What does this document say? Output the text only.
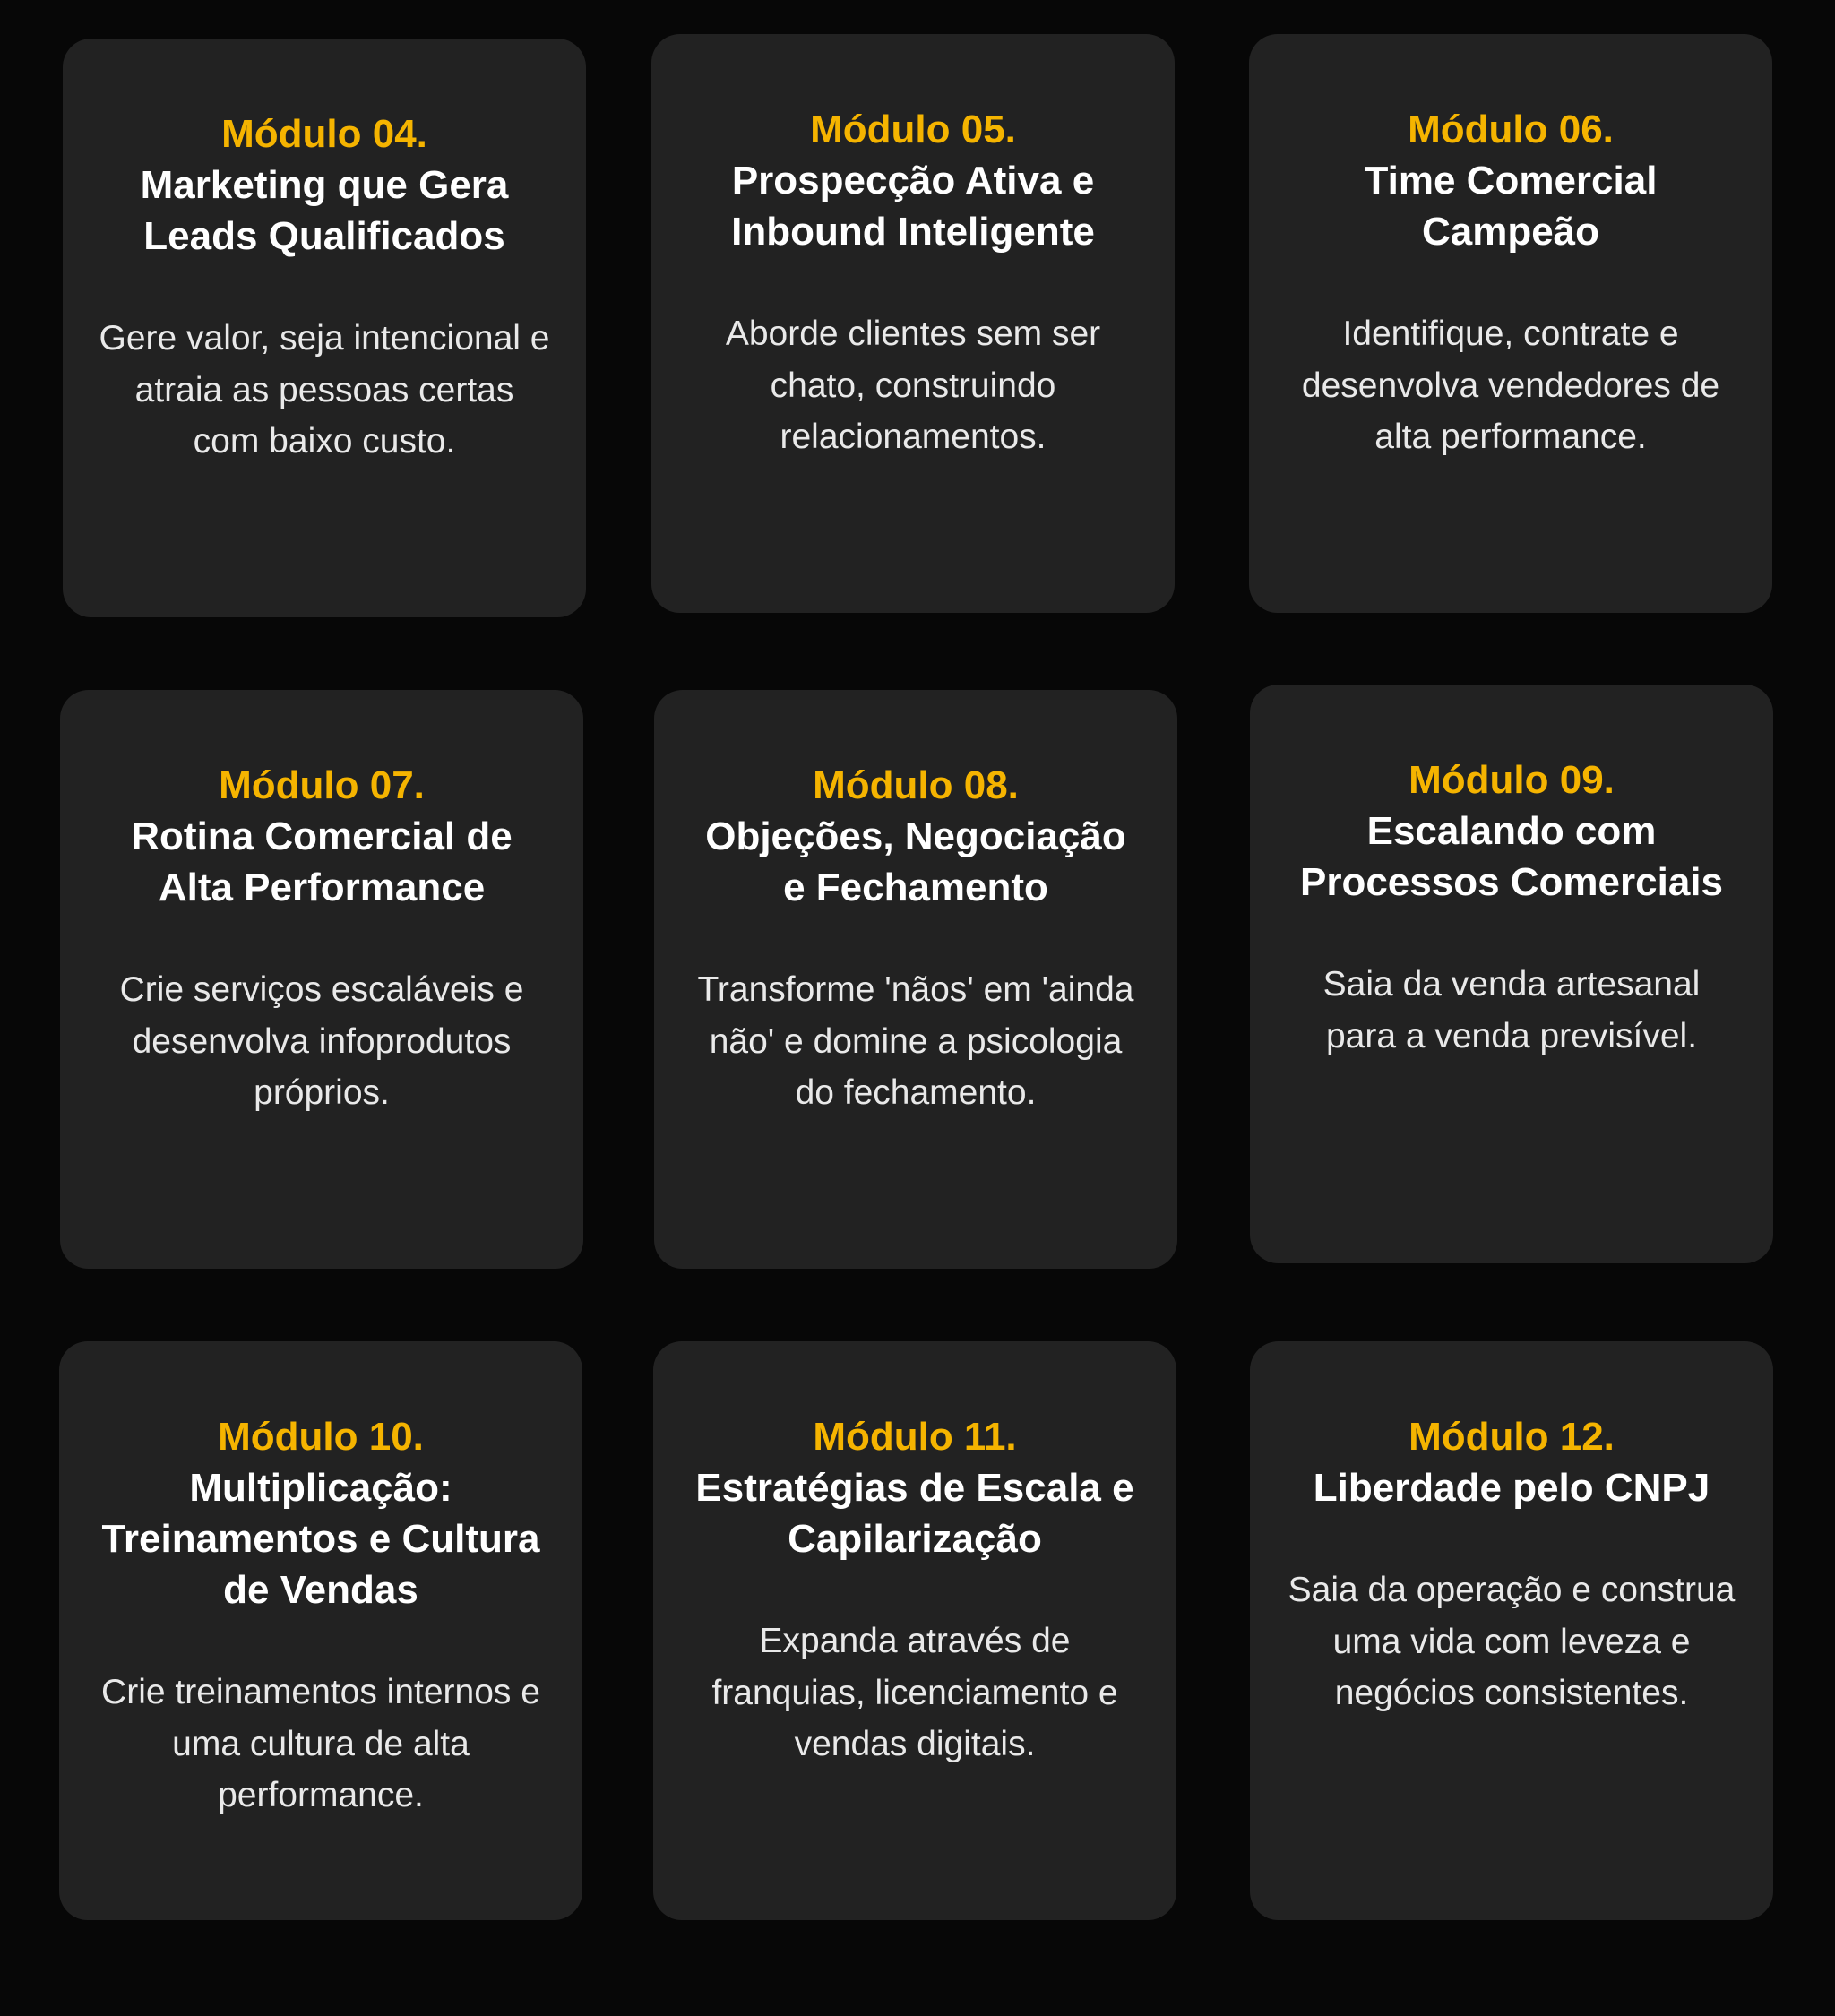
Módulo 04.
Marketing que Gera Leads Qualificados
Gere valor, seja intencional e atraia as pessoas certas com baixo custo.
Módulo 05.
Prospecção Ativa e Inbound Inteligente
Aborde clientes sem ser chato, construindo relacionamentos.
Módulo 06.
Time Comercial Campeão
Identifique, contrate e desenvolva vendedores de alta performance.
Módulo 07.
Rotina Comercial de Alta Performance
Crie serviços escaláveis e desenvolva infoprodutos próprios.
Módulo 08.
Objeções, Negociação e Fechamento
Transforme 'nãos' em 'ainda não' e domine a psicologia do fechamento.
Módulo 09.
Escalando com Processos Comerciais
Saia da venda artesanal para a venda previsível.
Módulo 10.
Multiplicação: Treinamentos e Cultura de Vendas
Crie treinamentos internos e uma cultura de alta performance.
Módulo 11.
Estratégias de Escala e Capilarização
Expanda através de franquias, licenciamento e vendas digitais.
Módulo 12.
Liberdade pelo CNPJ
Saia da operação e construa uma vida com leveza e negócios consistentes.
